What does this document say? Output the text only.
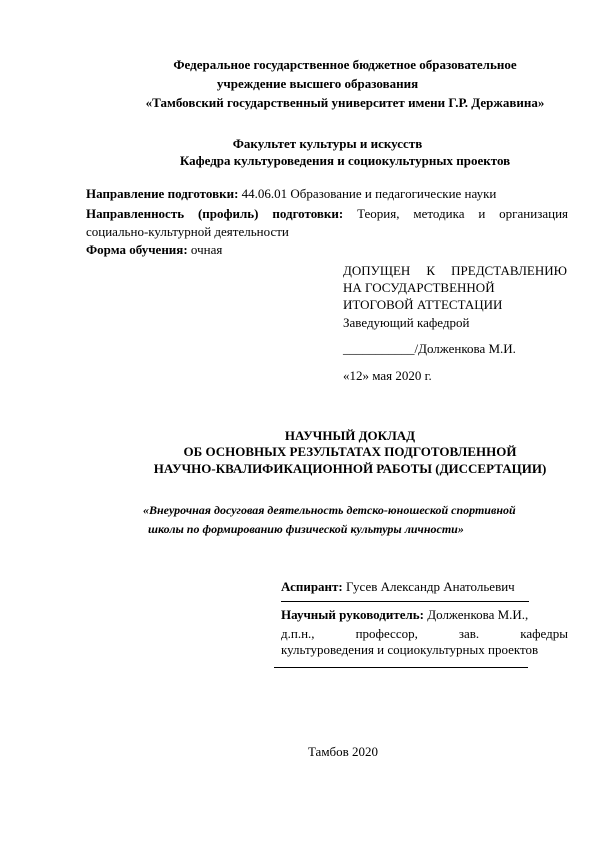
Федеральное государственное бюджетное образовательное
учреждение высшего образования
«Тамбовский государственный университет имени Г.Р. Державина»
Факультет культуры и искусств
Кафедра культуроведения и социокультурных проектов
Направление подготовки: 44.06.01 Образование и педагогические науки
Направленность (профиль) подготовки: Теория, методика и организация
социально-культурной деятельности
Форма обучения: очная
ДОПУЩЕН К ПРЕДСТАВЛЕНИЮ
НА ГОСУДАРСТВЕННОЙ
ИТОГОВОЙ АТТЕСТАЦИИ
Заведующий кафедрой
___________/Долженкова М.И.
«12» мая 2020 г.
НАУЧНЫЙ ДОКЛАД
ОБ ОСНОВНЫХ РЕЗУЛЬТАТАХ ПОДГОТОВЛЕННОЙ
НАУЧНО-КВАЛИФИКАЦИОННОЙ РАБОТЫ (ДИССЕРТАЦИИ)
«Внеурочная досуговая деятельность детско-юношеской спортивной
школы по формированию физической культуры личности»
Аспирант: Гусев Александр Анатольевич
Научный руководитель: Долженкова М.И.,
д.п.н., профессор, зав. кафедры
культуроведения и социокультурных проектов
Тамбов 2020
